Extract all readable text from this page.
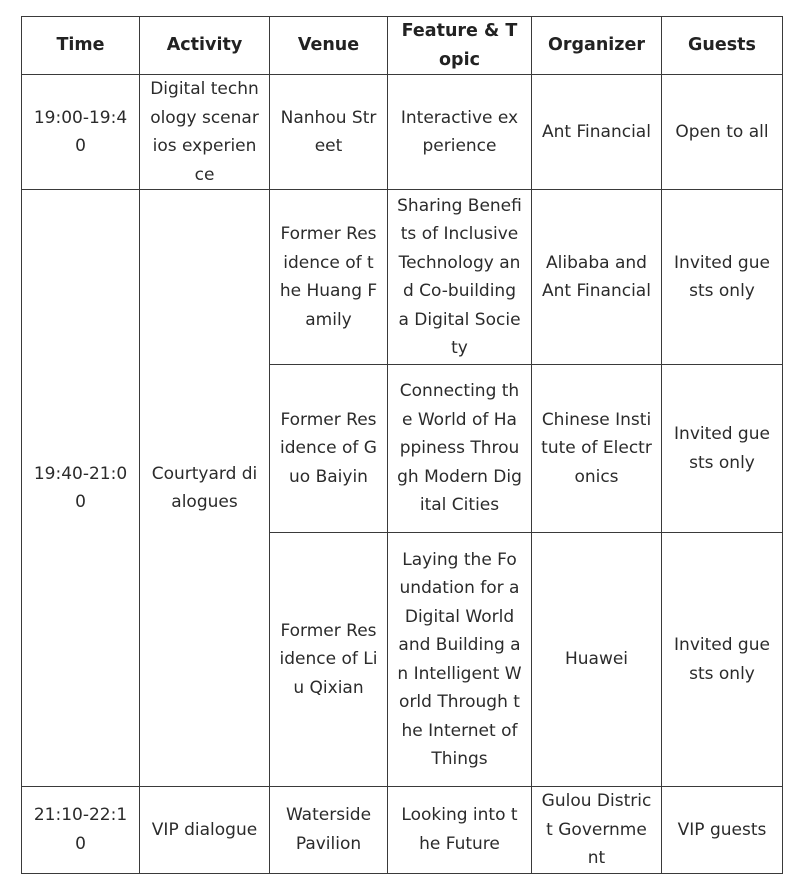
Time	Activity	Venue	Feature & Topic	Organizer	Guests
19:00-19:40	Digital technology scenarios experience	Nanhou Street	Interactive experience	Ant Financial	Open to all
19:40-21:00	Courtyard dialogues	Former Residence of the Huang Family	Sharing Benefits of Inclusive Technology and Co-building a Digital Society	Alibaba and Ant Financial	Invited guests only
		Former Residence of Guo Baiyin	Connecting the World of Happiness Through Modern Digital Cities	Chinese Institute of Electronics	Invited guests only
		Former Residence of Liu Qixian	Laying the Foundation for a Digital World and Building an Intelligent World Through the Internet of Things	Huawei	Invited guests only
21:10-22:10	VIP dialogue	Waterside Pavilion	Looking into the Future	Gulou District Government	VIP guests
